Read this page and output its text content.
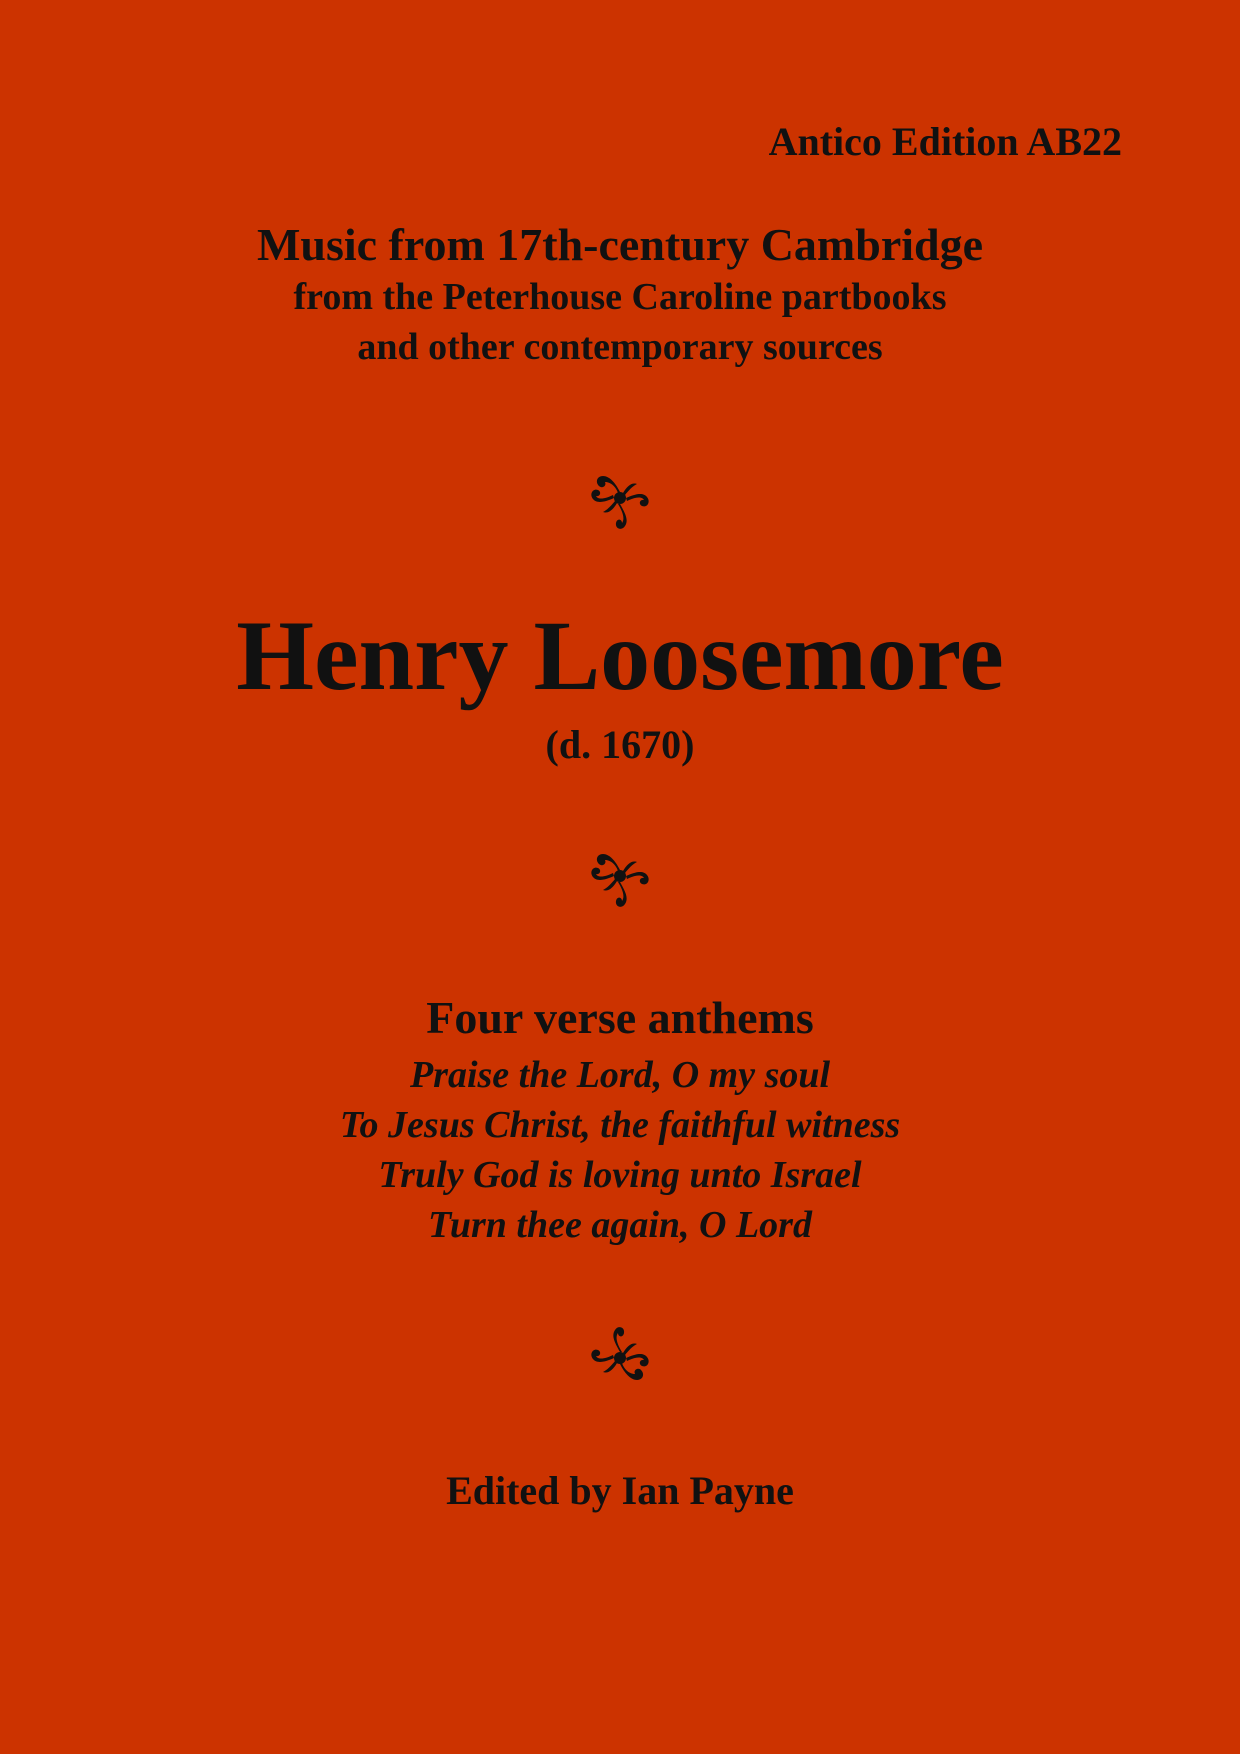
Antico Edition AB22

Music from 17th-century Cambridge

from the Peterhouse Caroline partbooks

and other contemporary sources

Henry Loosemore

(d. 1670)

Four verse anthems

Praise the Lord, O my soul

To Jesus Christ, the faithful witness

Truly God is loving unto Israel

Turn thee again, O Lord

Edited by Ian Payne
